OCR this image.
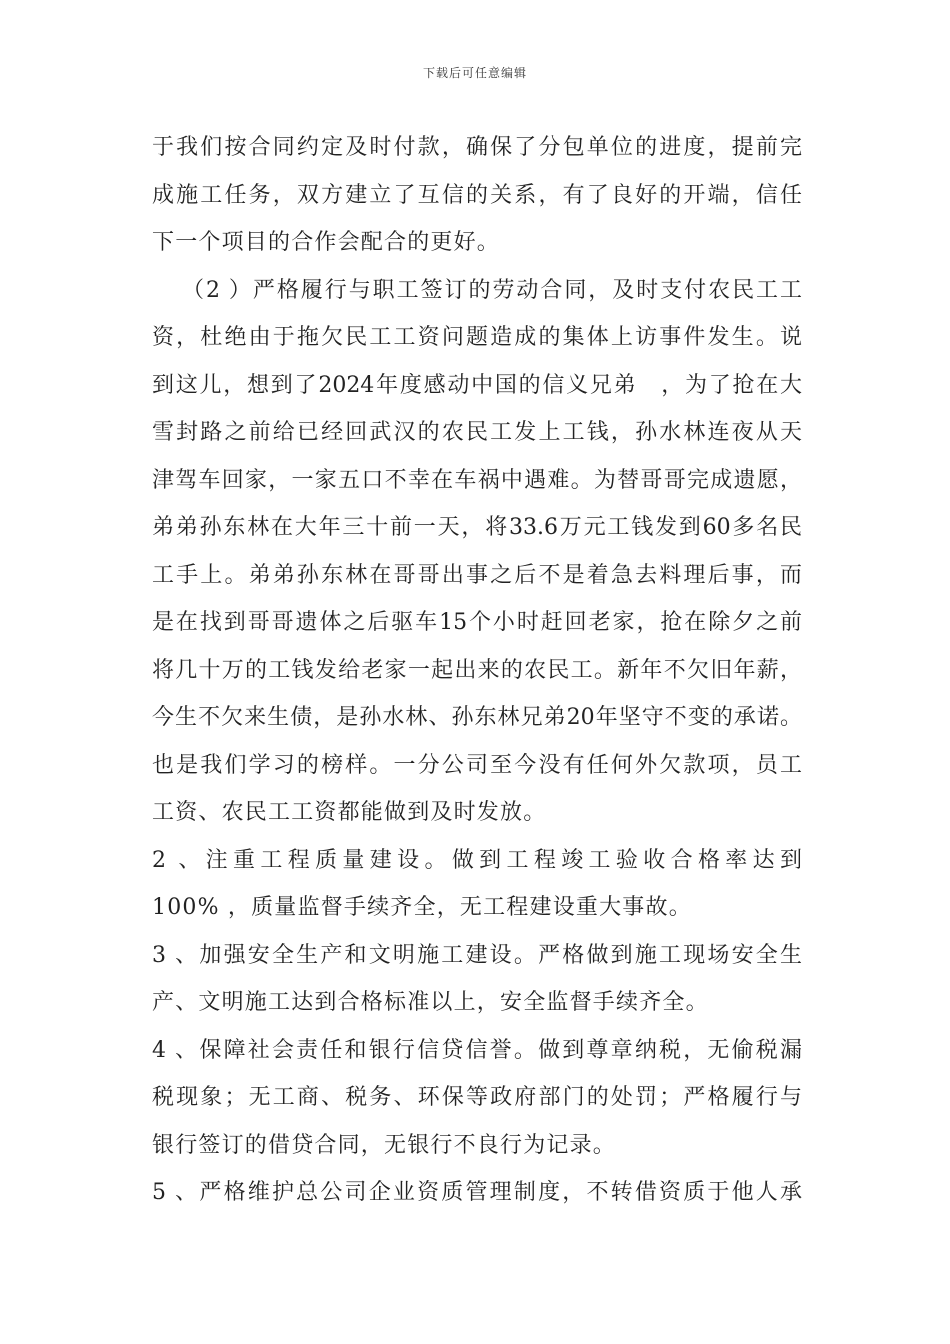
下载后可任意编辑
于我们按合同约定及时付款，确保了分包单位的进度，提前完
成施工任务，双方建立了互信的关系，有了良好的开端，信任
下一个项目的合作会配合的更好。
（2 ）严格履行与职工签订的劳动合同，及时支付农民工工
资，杜绝由于拖欠民工工资问题造成的集体上访事件发生。说
到这儿，想到了2024年度感动中国的信义兄弟　，为了抢在大
雪封路之前给已经回武汉的农民工发上工钱，孙水林连夜从天
津驾车回家，一家五口不幸在车祸中遇难。为替哥哥完成遗愿，
弟弟孙东林在大年三十前一天，将33.6万元工钱发到60多名民
工手上。弟弟孙东林在哥哥出事之后不是着急去料理后事，而
是在找到哥哥遗体之后驱车15个小时赶回老家，抢在除夕之前
将几十万的工钱发给老家一起出来的农民工。新年不欠旧年薪，
今生不欠来生债，是孙水林、孙东林兄弟20年坚守不变的承诺。
也是我们学习的榜样。一分公司至今没有任何外欠款项，员工
工资、农民工工资都能做到及时发放。
2 、注重工程质量建设。做到工程竣工验收合格率达到
100% ，质量监督手续齐全，无工程建设重大事故。
3 、加强安全生产和文明施工建设。严格做到施工现场安全生
产、文明施工达到合格标准以上，安全监督手续齐全。
4 、保障社会责任和银行信贷信誉。做到尊章纳税，无偷税漏
税现象；无工商、税务、环保等政府部门的处罚；严格履行与
银行签订的借贷合同，无银行不良行为记录。
5 、严格维护总公司企业资质管理制度，不转借资质于他人承
